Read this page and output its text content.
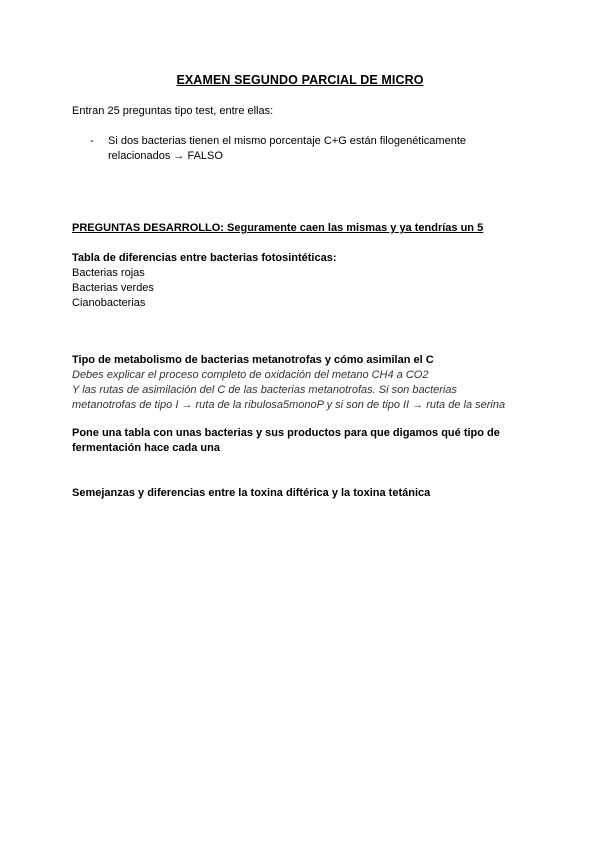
EXAMEN SEGUNDO PARCIAL DE MICRO
Entran 25 preguntas tipo test, entre ellas:
- Si dos bacterias tienen el mismo porcentaje C+G están filogenéticamente
relacionados → FALSO
PREGUNTAS DESARROLLO: Seguramente caen las mismas y ya tendrías un 5
Tabla de diferencias entre bacterias fotosintéticas:
Bacterias rojas
Bacterias verdes
Cianobacterias
Tipo de metabolismo de bacterias metanotrofas y cómo asimilan el C
Debes explicar el proceso completo de oxidación del metano CH4 a CO2
Y las rutas de asimilación del C de las bacterias metanotrofas. Si son bacterias
metanotrofas de tipo I → ruta de la ribulosa5monoP y si son de tipo II → ruta de la serina
Pone una tabla con unas bacterias y sus productos para que digamos qué tipo de
fermentación hace cada una
Semejanzas y diferencias entre la toxina diftérica y la toxina tetánica
